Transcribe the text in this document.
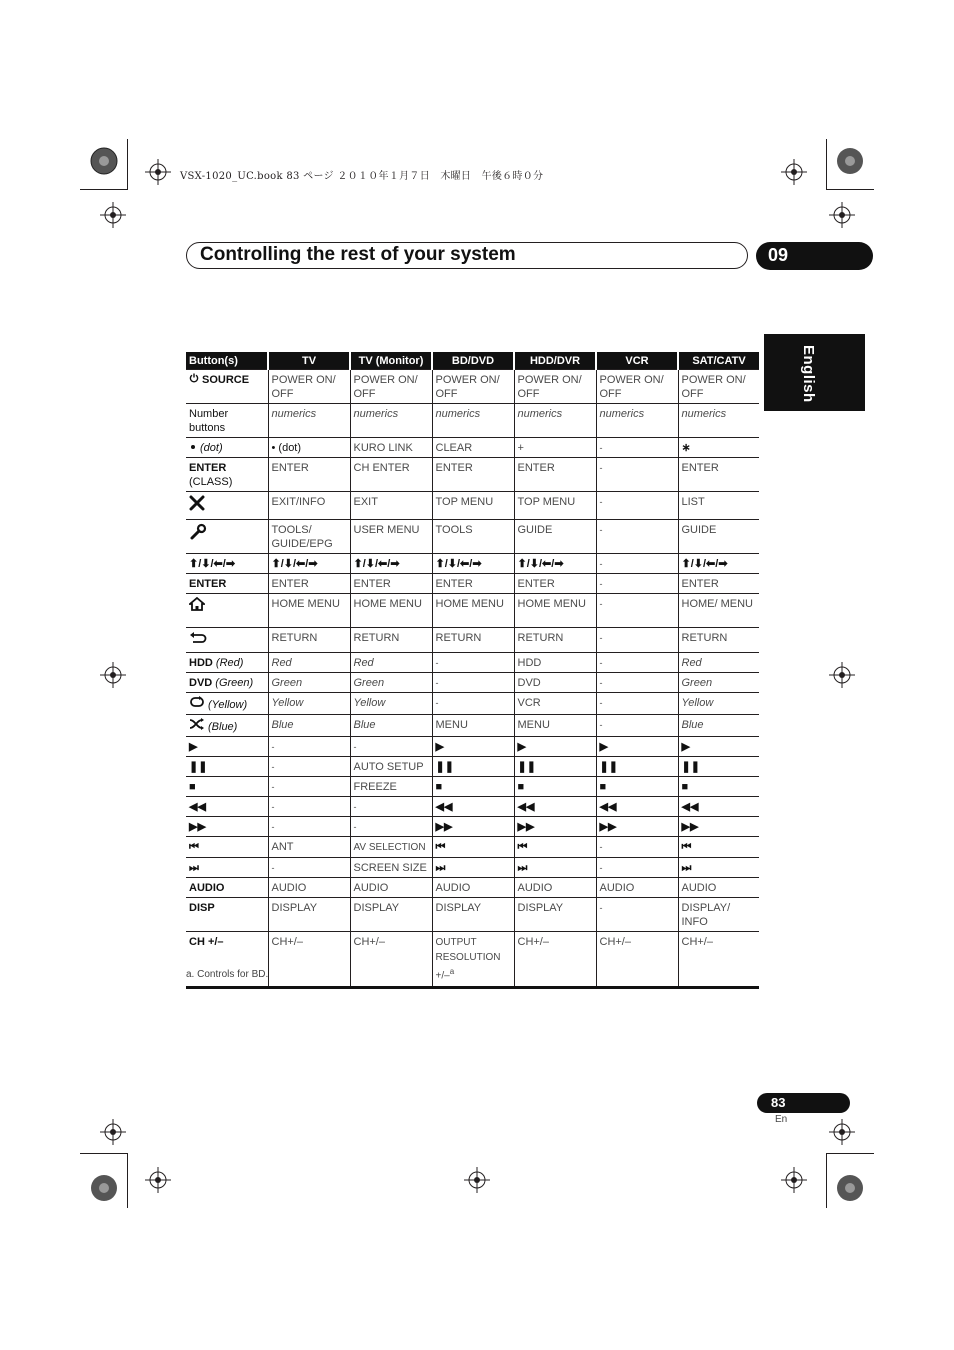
VSX-1020_UC.book 83 ページ ２０１０年１月７日　木曜日　午後６時０分
Controlling the rest of your system	09
English
Button(s)	TV	TV (Monitor)	BD/DVD	HDD/DVR	VCR	SAT/CATV
SOURCE	POWER ON/ OFF	POWER ON/ OFF	POWER ON/ OFF	POWER ON/ OFF	POWER ON/ OFF	POWER ON/ OFF
Number buttons	numerics	numerics	numerics	numerics	numerics	numerics
(dot)	• (dot)	KURO LINK	CLEAR	+	-	∗
ENTER
(CLASS)	ENTER	CH ENTER	ENTER	ENTER	-	ENTER
	EXIT/INFO	EXIT	TOP MENU	TOP MENU	-	LIST
	TOOLS/ GUIDE/EPG	USER MENU	TOOLS	GUIDE	-	GUIDE
⬆/⬇/⬅/➡	⬆/⬇/⬅/➡	⬆/⬇/⬅/➡	⬆/⬇/⬅/➡	⬆/⬇/⬅/➡	-	⬆/⬇/⬅/➡
ENTER	ENTER	ENTER	ENTER	ENTER	-	ENTER
	HOME MENU	HOME MENU	HOME MENU	HOME MENU	-	HOME/ MENU
	RETURN	RETURN	RETURN	RETURN	-	RETURN
HDD (Red)	Red	Red	-	HDD	-	Red
DVD (Green)	Green	Green	-	DVD	-	Green
(Yellow)	Yellow	Yellow	-	VCR	-	Yellow
(Blue)	Blue	Blue	MENU	MENU	-	Blue
▶	-	-	▶	▶	▶	▶
❚❚	-	AUTO SETUP	❚❚	❚❚	❚❚	❚❚
■	-	FREEZE	■	■	■	■
◀◀	-	-	◀◀	◀◀	◀◀	◀◀
▶▶	-	-	▶▶	▶▶	▶▶	▶▶
⏮	ANT	AV SELECTION	⏮	⏮	-	⏮
⏭	-	SCREEN SIZE	⏭	⏭	-	⏭
AUDIO	AUDIO	AUDIO	AUDIO	AUDIO	AUDIO	AUDIO
DISP	DISPLAY	DISPLAY	DISPLAY	DISPLAY	-	DISPLAY/ INFO
CH +/–	CH+/–	CH+/–	OUTPUT RESOLUTION +/–$^a$	CH+/–	CH+/–	CH+/–
a. Controls for BD.
83
En
